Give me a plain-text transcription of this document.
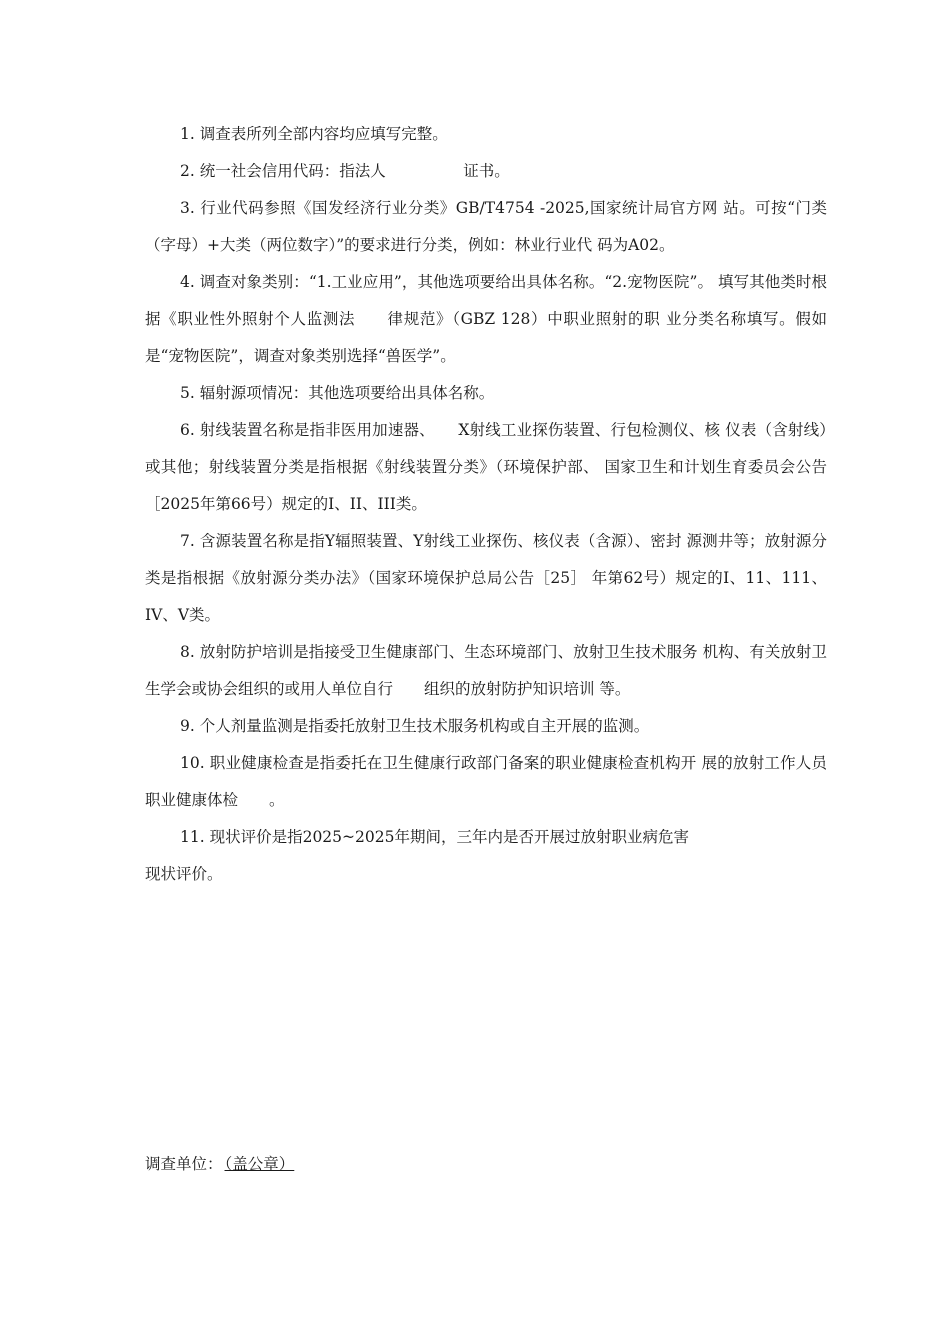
1. 调查表所列全部内容均应填写完整。

2. 统一社会信用代码：指法人　　　　　证书。

3. 行业代码参照《国发经济行业分类》GB/T4754 -2025,国家统计局官方网 站。可按“门类（字母）+大类（两位数字）”的要求进行分类，例如：林业行业代 码为A02。

4. 调查对象类别：“1.工业应用”，其他选项要给出具体名称。“2.宠物医院”。 填写其他类时根据《职业性外照射个人监测法　　律规范》（GBZ 128）中职业照射的职 业分类名称填写。假如是“宠物医院”，调查对象类别选择“兽医学”。

5. 辐射源项情况：其他选项要给出具体名称。

6. 射线装置名称是指非医用加速器、　　X射线工业探伤装置、行包检测仪、核 仪表（含射线）或其他；射线装置分类是指根据《射线装置分类》（环境保护部、 国家卫生和计划生育委员会公告［2025年第66号）规定的I、II、III类。

7. 含源装置名称是指Y辐照装置、Y射线工业探伤、核仪表（含源）、密封 源测井等；放射源分类是指根据《放射源分类办法》（国家环境保护总局公告［25］ 年第62号）规定的I、11、111、IV、V类。

8. 放射防护培训是指接受卫生健康部门、生态环境部门、放射卫生技术服务 机构、有关放射卫生学会或协会组织的或用人单位自行　　组织的放射防护知识培训 等。

9. 个人剂量监测是指委托放射卫生技术服务机构或自主开展的监测。

10. 职业健康检查是指委托在卫生健康行政部门备案的职业健康检查机构开 展的放射工作人员职业健康体检　　。

11. 现状评价是指2025~2025年期间，三年内是否开展过放射职业病危害

现状评价。

调查单位： （盖公章）
